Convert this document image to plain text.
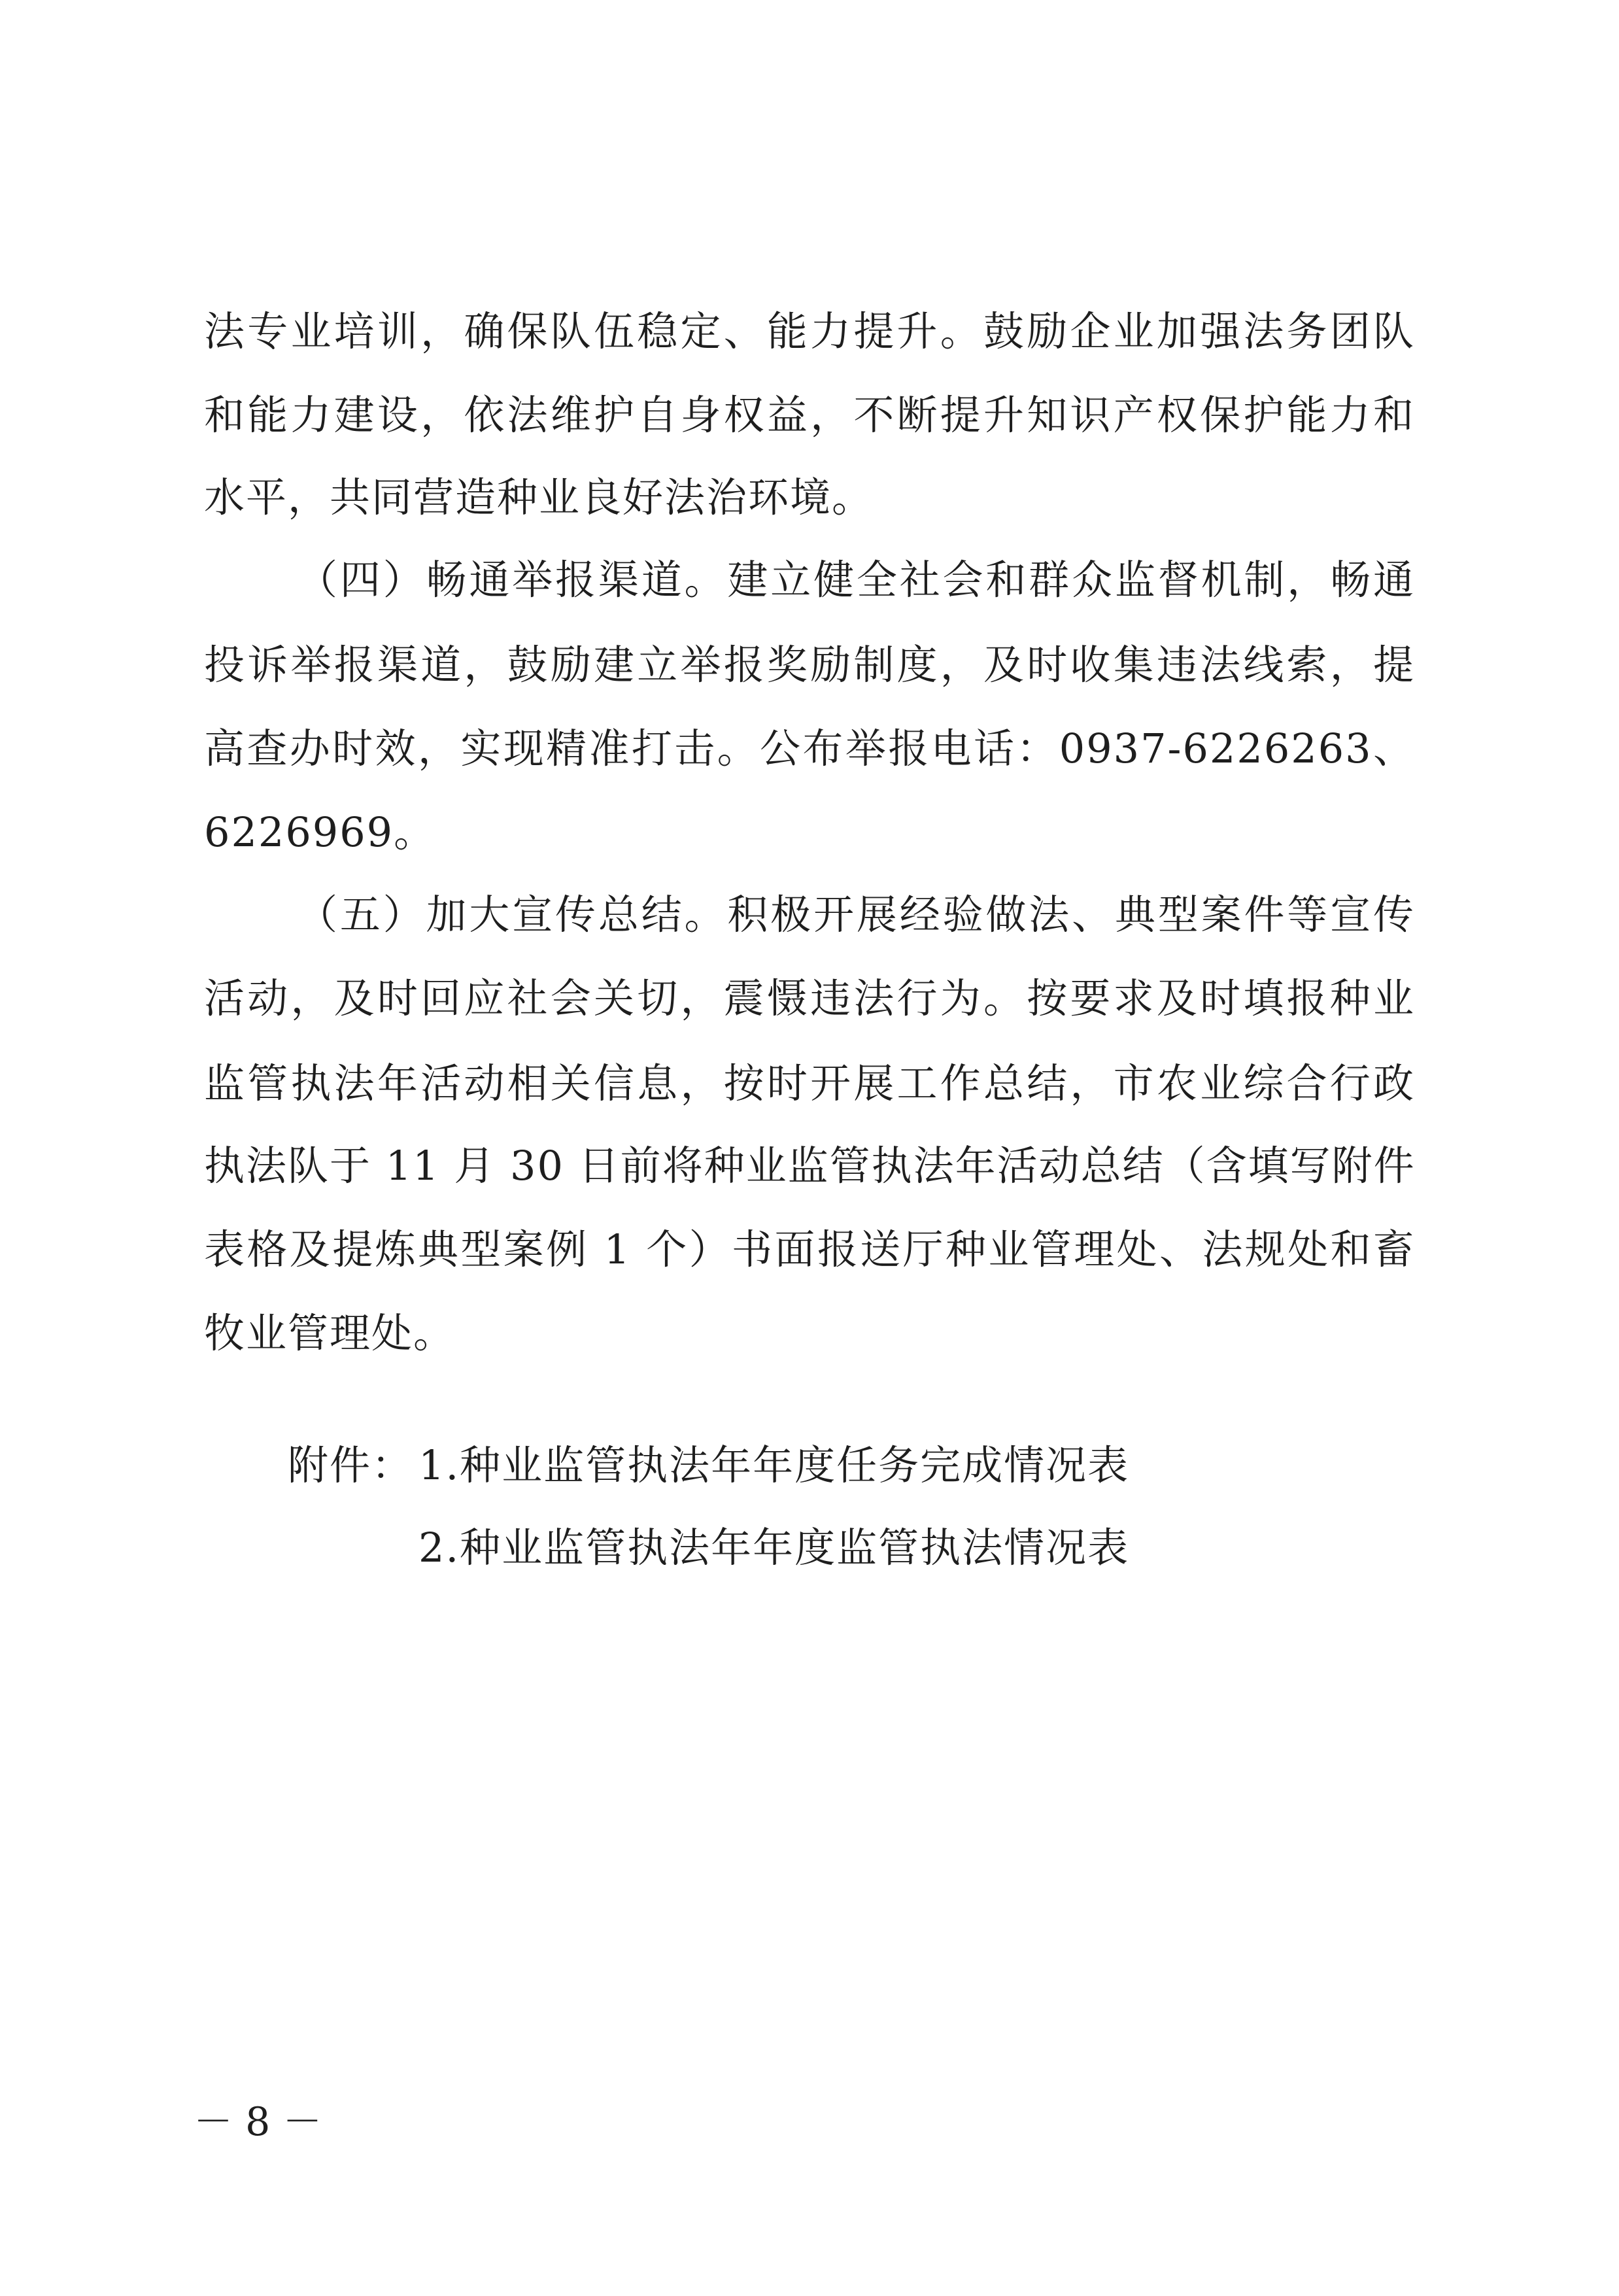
法专业培训，确保队伍稳定、能力提升。鼓励企业加强法务团队
和能力建设，依法维护自身权益，不断提升知识产权保护能力和
水平，共同营造种业良好法治环境。
（四）畅通举报渠道。建立健全社会和群众监督机制，畅通
投诉举报渠道，鼓励建立举报奖励制度，及时收集违法线索，提
高查办时效，实现精准打击。公布举报电话：0937-6226263、
6226969。
（五）加大宣传总结。积极开展经验做法、典型案件等宣传
活动，及时回应社会关切，震慑违法行为。按要求及时填报种业
监管执法年活动相关信息，按时开展工作总结，市农业综合行政
执法队于 11 月 30 日前将种业监管执法年活动总结（含填写附件
表格及提炼典型案例 1 个）书面报送厅种业管理处、法规处和畜
牧业管理处。
附件： 1.种业监管执法年年度任务完成情况表
2.种业监管执法年年度监管执法情况表
－ 8 －
